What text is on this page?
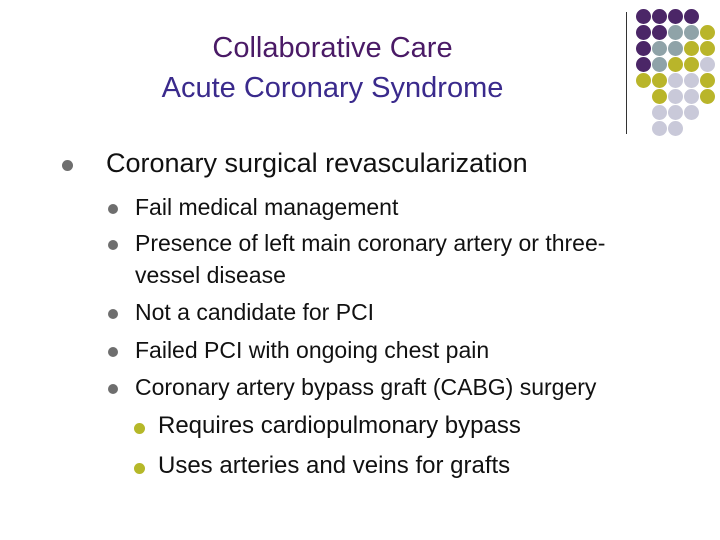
Collaborative Care
Acute Coronary Syndrome
Coronary surgical revascularization
Fail medical management
Presence of left main coronary artery or three-
vessel disease
Not a candidate for PCI
Failed PCI with ongoing chest pain
Coronary artery bypass graft (CABG) surgery
Requires cardiopulmonary bypass
Uses arteries and veins for grafts
